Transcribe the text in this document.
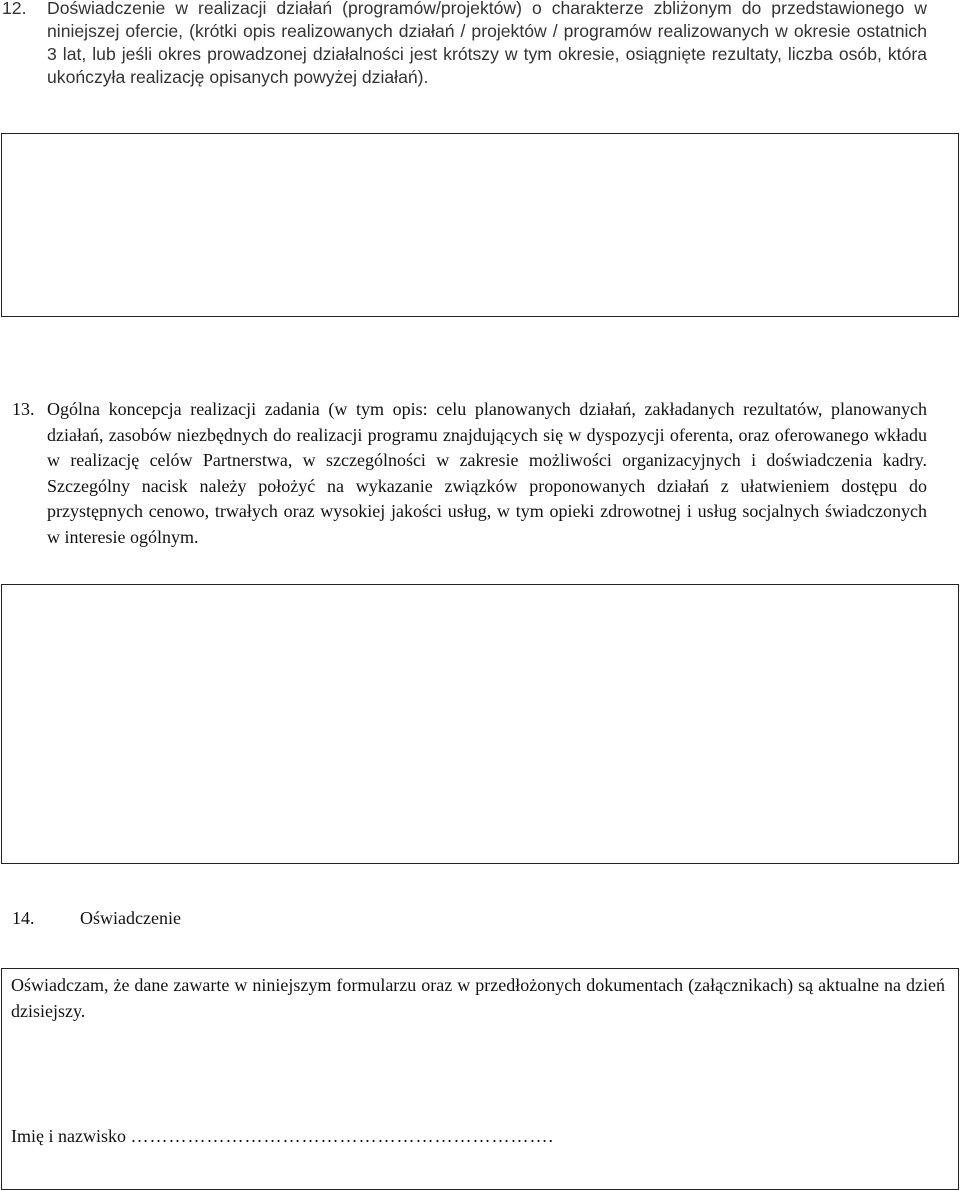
12. Doświadczenie w realizacji działań (programów/projektów) o charakterze zbliżonym do przedstawionego w niniejszej ofercie, (krótki opis realizowanych działań / projektów / programów realizowanych w okresie ostatnich 3 lat, lub jeśli okres prowadzonej działalności jest krótszy w tym okresie, osiągnięte rezultaty, liczba osób, która ukończyła realizację opisanych powyżej działań).
13. Ogólna koncepcja realizacji zadania (w tym opis: celu planowanych działań, zakładanych rezultatów, planowanych działań, zasobów niezbędnych do realizacji programu znajdujących się w dyspozycji oferenta, oraz oferowanego wkładu w realizację celów Partnerstwa, w szczególności w zakresie możliwości organizacyjnych i doświadczenia kadry. Szczególny nacisk należy położyć na wykazanie związków proponowanych działań z ułatwieniem dostępu do przystępnych cenowo, trwałych oraz wysokiej jakości usług, w tym opieki zdrowotnej i usług socjalnych świadczonych w interesie ogólnym.
14.	Oświadczenie
Oświadczam, że dane zawarte w niniejszym formularzu oraz w przedłożonych dokumentach (załącznikach) są aktualne na dzień dzisiejszy.
Imię i nazwisko ………………………………………………………….
